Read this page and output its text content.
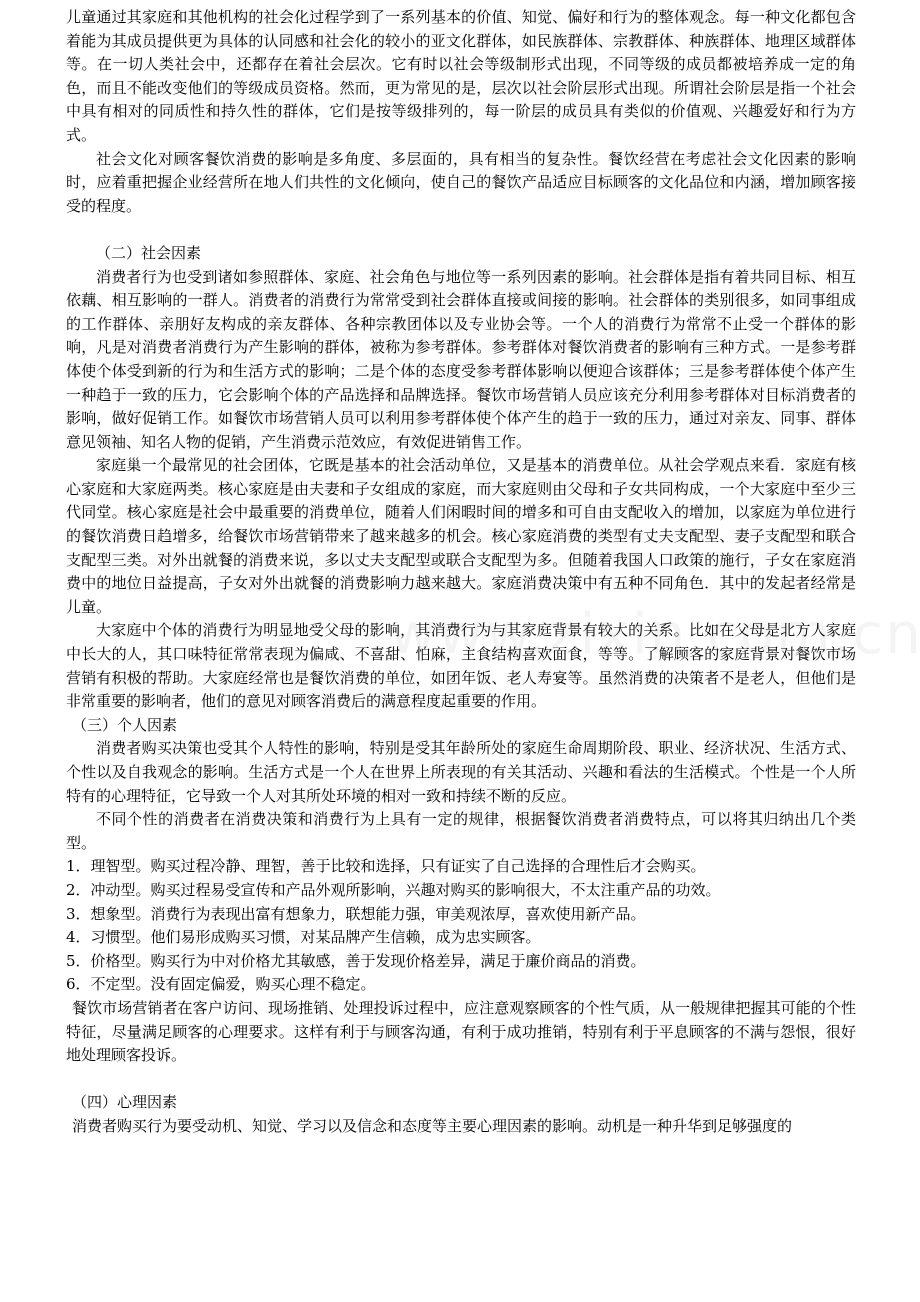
儿童通过其家庭和其他机构的社会化过程学到了一系列基本的价值、知觉、偏好和行为的整体观念。每一种文化都包含着能为其成员提供更为具体的认同感和社会化的较小的亚文化群体，如民族群体、宗教群体、种族群体、地理区域群体等。在一切人类社会中，还都存在着社会层次。它有时以社会等级制形式出现，不同等级的成员都被培养成一定的角色，而且不能改变他们的等级成员资格。然而，更为常见的是，层次以社会阶层形式出现。所谓社会阶层是指一个社会中具有相对的同质性和持久性的群体，它们是按等级排列的，每一阶层的成员具有类似的价值观、兴趣爱好和行为方式。

社会文化对顾客餐饮消费的影响是多角度、多层面的，具有相当的复杂性。餐饮经营在考虑社会文化因素的影响时，应着重把握企业经营所在地人们共性的文化倾向，使自己的餐饮产品适应目标顾客的文化品位和内涵，增加顾客接受的程度。

（二）社会因素

消费者行为也受到诸如参照群体、家庭、社会角色与地位等一系列因素的影响。社会群体是指有着共同目标、相互依藕、相互影响的一群人。消费者的消费行为常常受到社会群体直接或间接的影响。社会群体的类别很多，如同事组成的工作群体、亲朋好友构成的亲友群体、各种宗教团体以及专业协会等。一个人的消费行为常常不止受一个群体的影响，凡是对消费者消费行为产生影响的群体，被称为参考群体。参考群体对餐饮消费者的影响有三种方式。一是参考群体使个体受到新的行为和生活方式的影响；二是个体的态度受参考群体影响以便迎合该群体；三是参考群体使个体产生一种趋于一致的压力，它会影响个体的产品选择和品牌选择。餐饮市场营销人员应该充分利用参考群体对目标消费者的影响，做好促销工作。如餐饮市场营销人员可以利用参考群体使个体产生的趋于一致的压力，通过对亲友、同事、群体意见领袖、知名人物的促销，产生消费示范效应，有效促进销售工作。

家庭巢一个最常见的社会团体，它既是基本的社会活动单位，又是基本的消费单位。从社会学观点来看．家庭有核心家庭和大家庭两类。核心家庭是由夫妻和子女组成的家庭，而大家庭则由父母和子女共同构成，一个大家庭中至少三代同堂。核心家庭是社会中最重要的消费单位，随着人们闲暇时间的增多和可自由支配收入的增加，以家庭为单位进行的餐饮消费日趋增多，给餐饮市场营销带来了越来越多的机会。核心家庭消费的类型有丈夫支配型、妻子支配型和联合支配型三类。对外出就餐的消费来说，多以丈夫支配型或联合支配型为多。但随着我国人口政策的施行，子女在家庭消费中的地位日益提高，子女对外出就餐的消费影响力越来越大。家庭消费决策中有五种不同角色．其中的发起者经常是儿童。

大家庭中个体的消费行为明显地受父母的影响，其消费行为与其家庭背景有较大的关系。比如在父母是北方人家庭中长大的人，其口味特征常常表现为偏咸、不喜甜、怕麻，主食结构喜欢面食，等等。了解顾客的家庭背景对餐饮市场营销有积极的帮助。大家庭经常也是餐饮消费的单位，如团年饭、老人寿宴等。虽然消费的决策者不是老人，但他们是非常重要的影响者，他们的意见对顾客消费后的满意程度起重要的作用。

（三）个人因素

消费者购买决策也受其个人特性的影响，特别是受其年龄所处的家庭生命周期阶段、职业、经济状况、生活方式、个性以及自我观念的影响。生活方式是一个人在世界上所表现的有关其活动、兴趣和看法的生活模式。个性是一个人所特有的心理特征，它导致一个人对其所处环境的相对一致和持续不断的反应。

不同个性的消费者在消费决策和消费行为上具有一定的规律，根据餐饮消费者消费特点，可以将其归纳出几个类型。

1．理智型。购买过程冷静、理智，善于比较和选择，只有证实了自己选择的合理性后才会购买。

2．冲动型。购买过程易受宣传和产品外观所影响，兴趣对购买的影响很大，不太注重产品的功效。

3．想象型。消费行为表现出富有想象力，联想能力强，审美观浓厚，喜欢使用新产品。

4．习惯型。他们易形成购买习惯，对某品牌产生信赖，成为忠实顾客。

5．价格型。购买行为中对价格尤其敏感，善于发现价格差异，满足于廉价商品的消费。

6．不定型。没有固定偏爱，购买心理不稳定。

餐饮市场营销者在客户访问、现场推销、处理投诉过程中，应注意观察顾客的个性气质，从一般规律把握其可能的个性特征，尽量满足顾客的心理要求。这样有利于与顾客沟通，有利于成功推销，特别有利于平息顾客的不满与怨恨，很好地处理顾客投诉。

（四）心理因素

消费者购买行为要受动机、知觉、学习以及信念和态度等主要心理因素的影响。动机是一种升华到足够强度的
